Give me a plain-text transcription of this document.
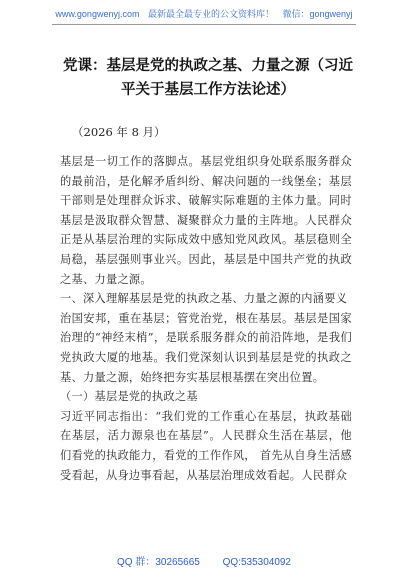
www.gongwenyj.com 最新最全最专业的公文资料库！ 微信：gongwenyj
党课：基层是党的执政之基、力量之源（习近平关于基层工作方法论述）
（2026 年 8 月）

基层是一切工作的落脚点。基层党组织身处联系服务群众的最前沿，是化解矛盾纠纷、解决问题的一线堡垒；基层干部则是处理群众诉求、破解实际难题的主体力量。同时基层是汲取群众智慧、凝聚群众力量的主阵地。人民群众正是从基层治理的实际成效中感知党风政风。基层稳则全局稳，基层强则事业兴。因此，基层是中国共产党的执政之基、力量之源。

一、深入理解基层是党的执政之基、力量之源的内涵要义

治国安邦，重在基层；管党治党，根在基层。基层是国家治理的“神经末梢”，是联系服务群众的前沿阵地，是我们党执政大厦的地基。我们党深刻认识到基层是党的执政之基、力量之源，始终把夯实基层根基摆在突出位置。

（一）基层是党的执政之基

习近平同志指出：“我们党的工作重心在基层，执政基础在基层，活力源泉也在基层”。人民群众生活在基层，他们看党的执政能力，看党的工作作风， 首先从自身生活感受看起，从身边事看起，从基层治理成效看起。人民群众

QQ 群：30265665 QQ:535304092
